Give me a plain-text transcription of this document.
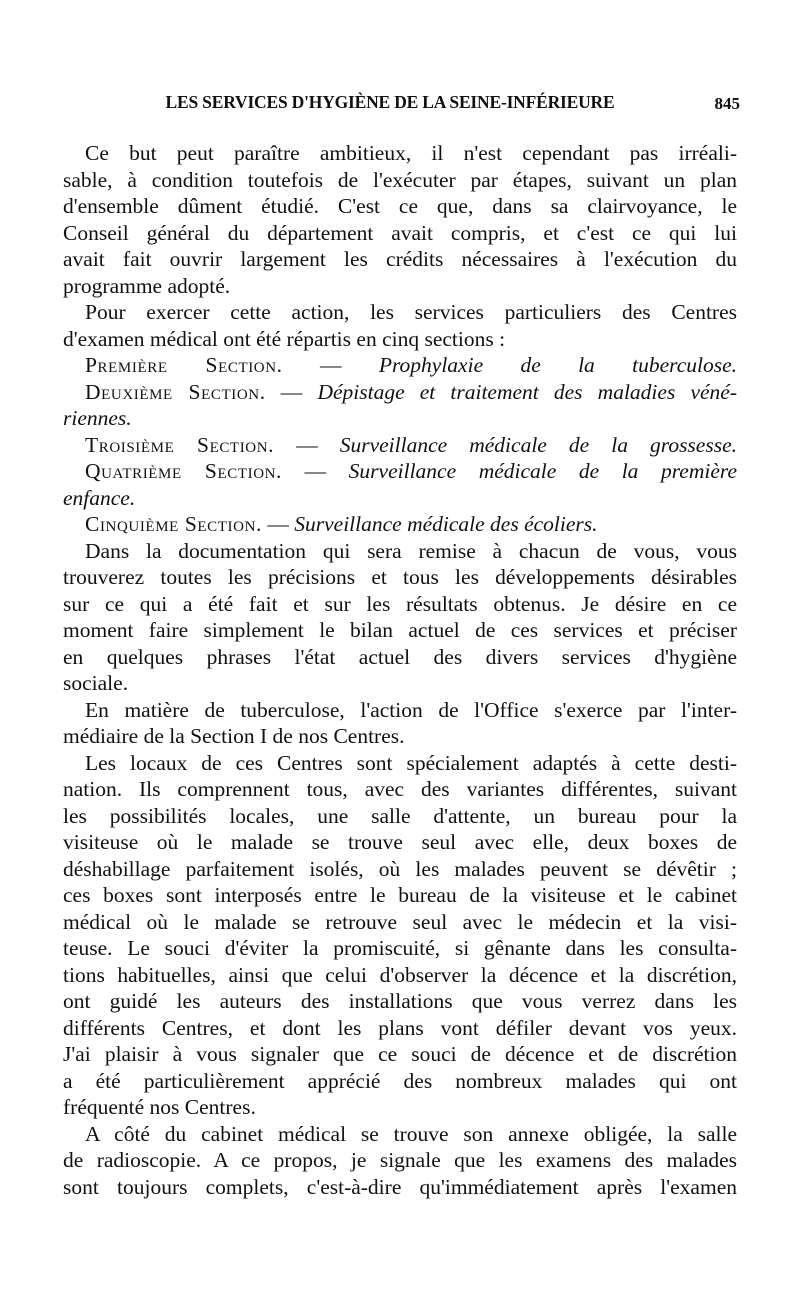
LES SERVICES D'HYGIÈNE DE LA SEINE-INFÉRIEURE	845

Ce but peut paraître ambitieux, il n'est cependant pas irréali-

sable, à condition toutefois de l'exécuter par étapes, suivant un plan

d'ensemble dûment étudié. C'est ce que, dans sa clairvoyance, le

Conseil général du département avait compris, et c'est ce qui lui

avait fait ouvrir largement les crédits nécessaires à l'exécution du

programme adopté.

Pour exercer cette action, les services particuliers des Centres

d'examen médical ont été répartis en cinq sections :

Première Section. — Prophylaxie de la tuberculose.

Deuxième Section. — Dépistage et traitement des maladies véné-

riennes.

Troisième Section. — Surveillance médicale de la grossesse.

Quatrième Section. — Surveillance médicale de la première

enfance.

Cinquième Section. — Surveillance médicale des écoliers.

Dans la documentation qui sera remise à chacun de vous, vous

trouverez toutes les précisions et tous les développements désirables

sur ce qui a été fait et sur les résultats obtenus. Je désire en ce

moment faire simplement le bilan actuel de ces services et préciser

en quelques phrases l'état actuel des divers services d'hygiène

sociale.

En matière de tuberculose, l'action de l'Office s'exerce par l'inter-

médiaire de la Section I de nos Centres.

Les locaux de ces Centres sont spécialement adaptés à cette desti-

nation. Ils comprennent tous, avec des variantes différentes, suivant

les possibilités locales, une salle d'attente, un bureau pour la

visiteuse où le malade se trouve seul avec elle, deux boxes de

déshabillage parfaitement isolés, où les malades peuvent se dévêtir ;

ces boxes sont interposés entre le bureau de la visiteuse et le cabinet

médical où le malade se retrouve seul avec le médecin et la visi-

teuse. Le souci d'éviter la promiscuité, si gênante dans les consulta-

tions habituelles, ainsi que celui d'observer la décence et la discrétion,

ont guidé les auteurs des installations que vous verrez dans les

différents Centres, et dont les plans vont défiler devant vos yeux.

J'ai plaisir à vous signaler que ce souci de décence et de discrétion

a été particulièrement apprécié des nombreux malades qui ont

fréquenté nos Centres.

A côté du cabinet médical se trouve son annexe obligée, la salle

de radioscopie. A ce propos, je signale que les examens des malades

sont toujours complets, c'est-à-dire qu'immédiatement après l'examen
